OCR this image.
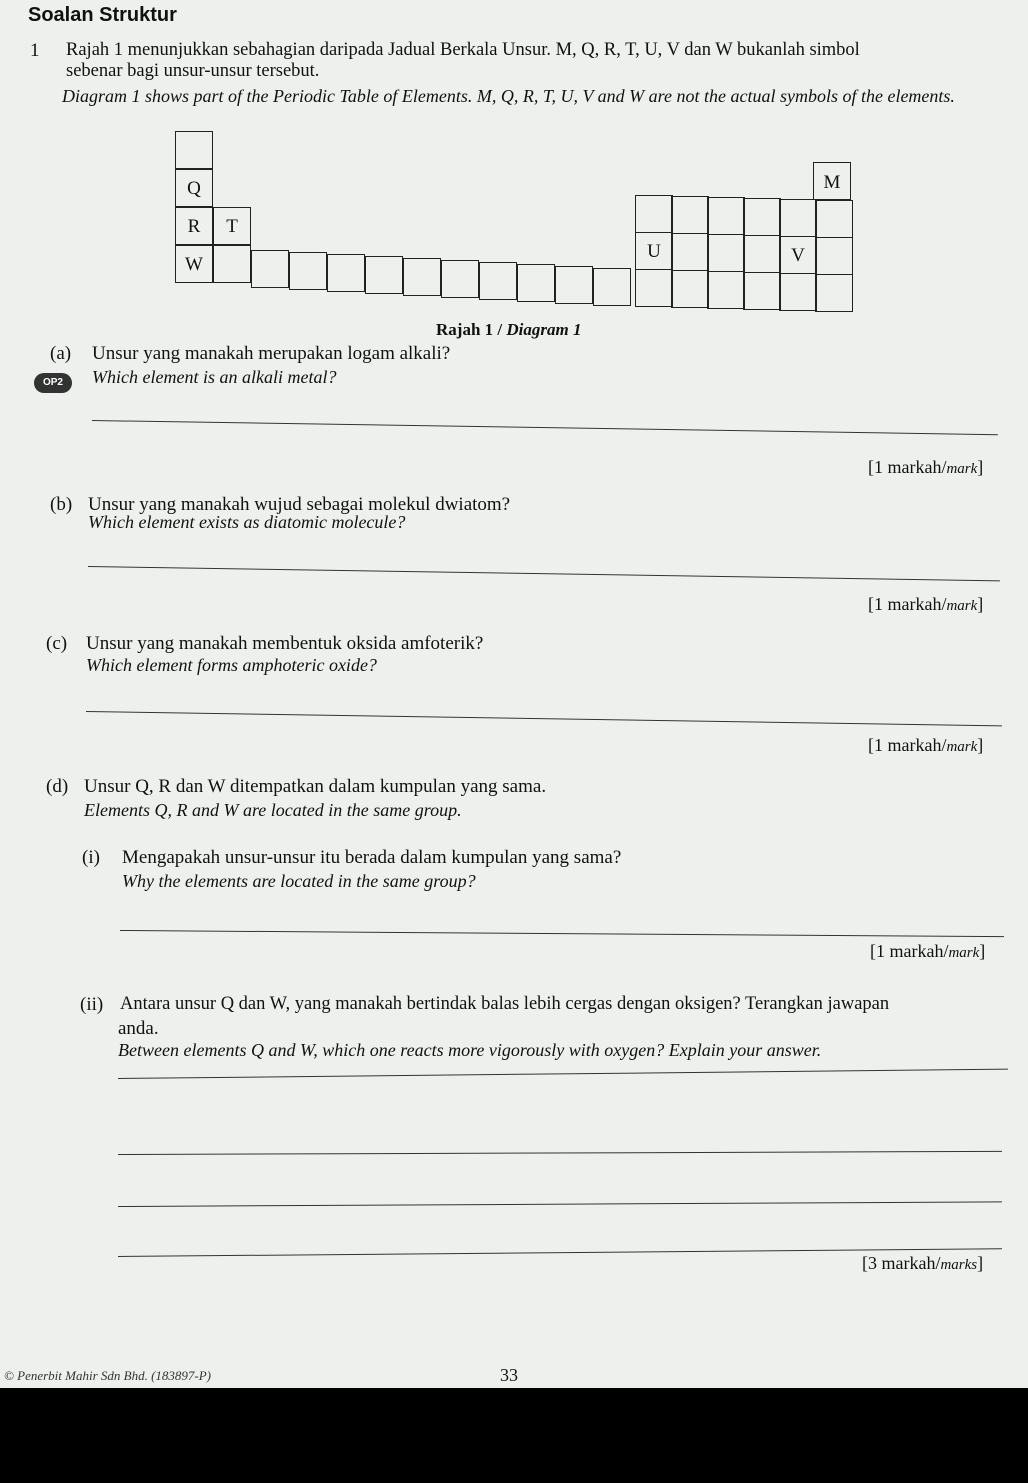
Soalan Struktur
1 Rajah 1 menunjukkan sebahagian daripada Jadual Berkala Unsur. M, Q, R, T, U, V dan W bukanlah simbol
sebenar bagi unsur-unsur tersebut.
Diagram 1 shows part of the Periodic Table of Elements. M, Q, R, T, U, V and W are not the actual symbols of the elements.
Q
R	T
W
M
U	V
Rajah 1 / Diagram 1
(a) Unsur yang manakah merupakan logam alkali?
OP2	Which element is an alkali metal?
[1 markah/mark]
(b) Unsur yang manakah wujud sebagai molekul dwiatom?
Which element exists as diatomic molecule?
[1 markah/mark]
(c) Unsur yang manakah membentuk oksida amfoterik?
Which element forms amphoteric oxide?
[1 markah/mark]
(d) Unsur Q, R dan W ditempatkan dalam kumpulan yang sama.
Elements Q, R and W are located in the same group.
(i) Mengapakah unsur-unsur itu berada dalam kumpulan yang sama?
Why the elements are located in the same group?
[1 markah/mark]
(ii) Antara unsur Q dan W, yang manakah bertindak balas lebih cergas dengan oksigen? Terangkan jawapan
anda.
Between elements Q and W, which one reacts more vigorously with oxygen? Explain your answer.
[3 markah/marks]
© Penerbit Mahir Sdn Bhd. (183897-P)	33
